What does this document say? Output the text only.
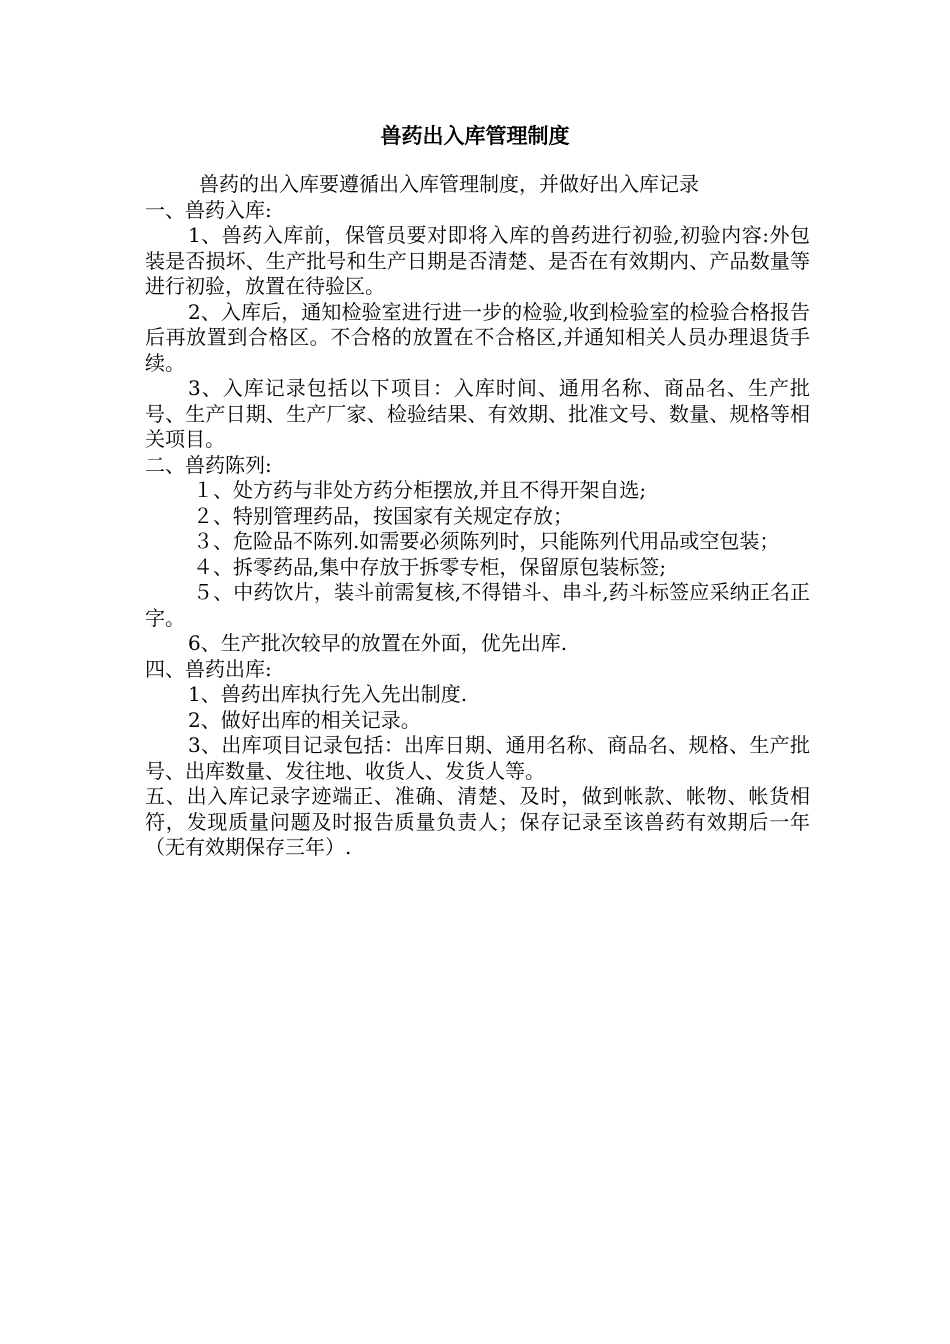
兽药出入库管理制度

兽药的出入库要遵循出入库管理制度，并做好出入库记录

一、兽药入库:

1、兽药入库前，保管员要对即将入库的兽药进行初验,初验内容:外包装是否损坏、生产批号和生产日期是否清楚、是否在有效期内、产品数量等进行初验，放置在待验区。

2、入库后，通知检验室进行进一步的检验,收到检验室的检验合格报告后再放置到合格区。不合格的放置在不合格区,并通知相关人员办理退货手续。

3、入库记录包括以下项目：入库时间、通用名称、商品名、生产批号、生产日期、生产厂家、检验结果、有效期、批准文号、数量、规格等相关项目。

二、兽药陈列:

１、处方药与非处方药分柜摆放,并且不得开架自选;

２、特别管理药品，按国家有关规定存放；

３、危险品不陈列.如需要必须陈列时，只能陈列代用品或空包装；

４、拆零药品,集中存放于拆零专柜，保留原包装标签;

５、中药饮片，装斗前需复核,不得错斗、串斗,药斗标签应采纳正名正字。

6、生产批次较早的放置在外面，优先出库.

四、兽药出库:

1、兽药出库执行先入先出制度.

2、做好出库的相关记录。

3、出库项目记录包括：出库日期、通用名称、商品名、规格、生产批号、出库数量、发往地、收货人、发货人等。

五、出入库记录字迹端正、准确、清楚、及时，做到帐款、帐物、帐货相符，发现质量问题及时报告质量负责人；保存记录至该兽药有效期后一年（无有效期保存三年）.
